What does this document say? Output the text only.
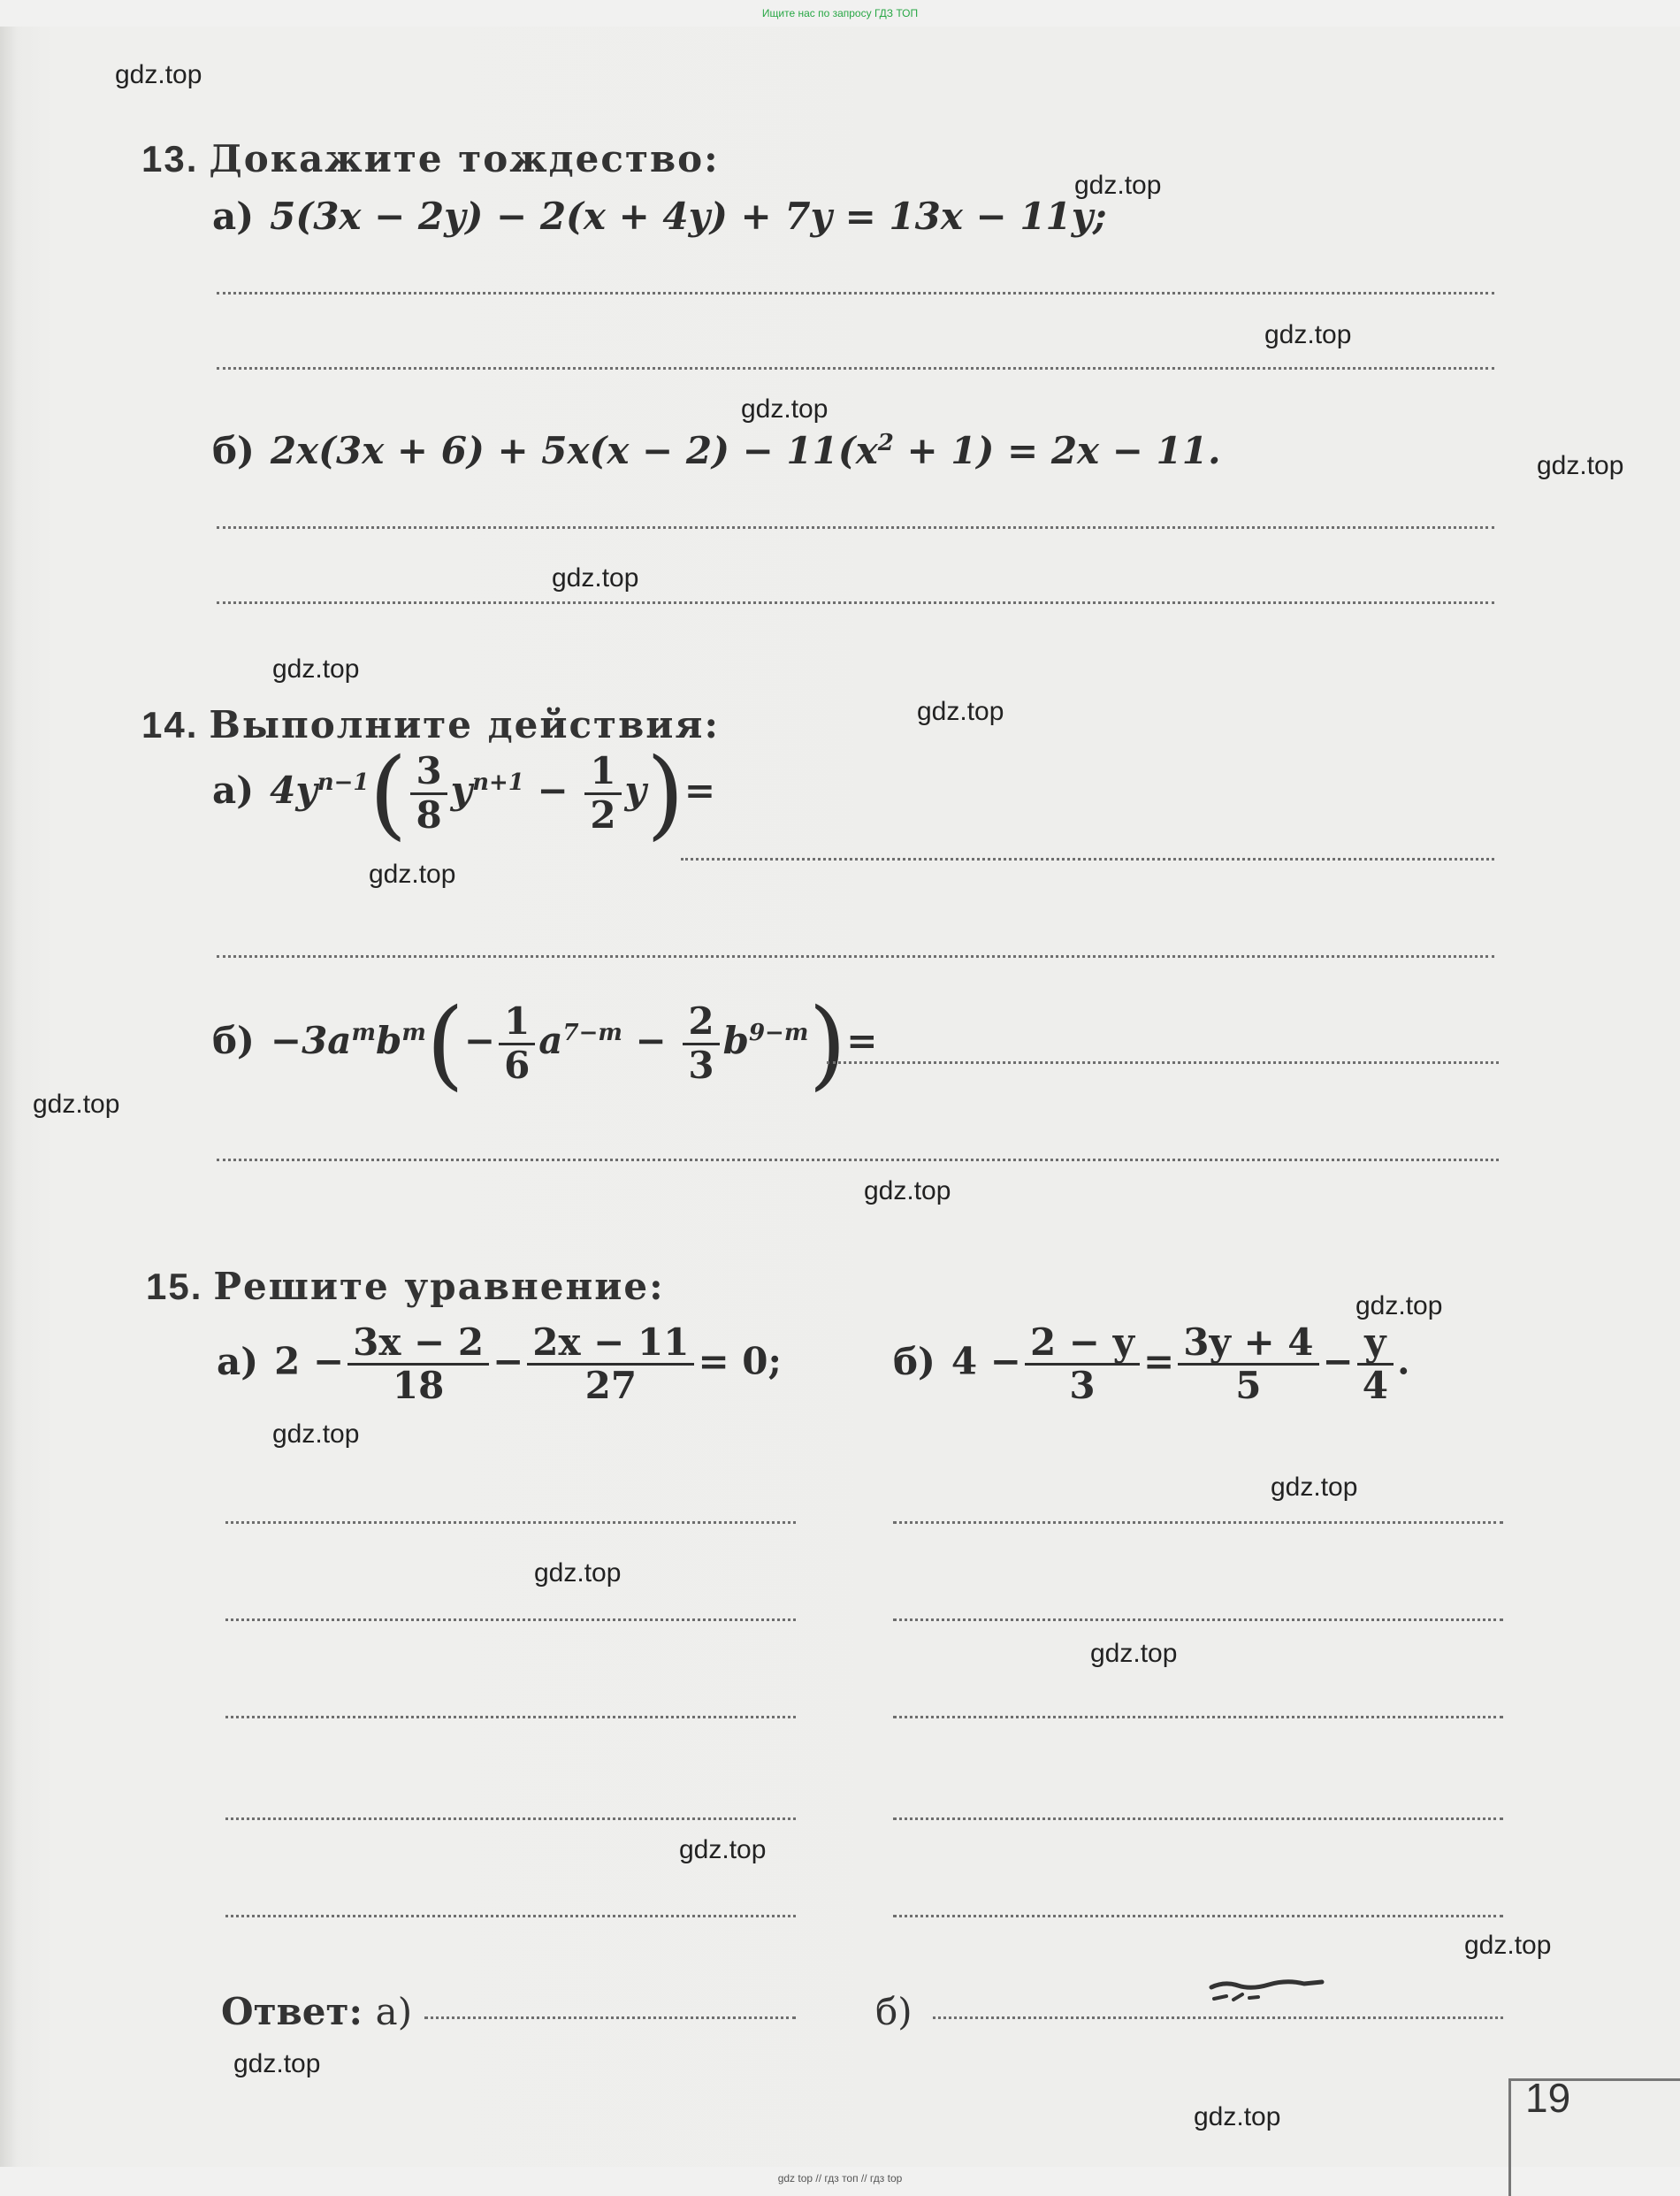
Ищите нас по запросу ГДЗ ТОП
13. Докажите тождество:
а) 5(3x − 2y) − 2(x + 4y) + 7y = 13x − 11y;
б) $2x(3x + 6) + 5x(x - 2) - 11(x^2 + 1) = 2x - 11$.
14. Выполните действия:
а) $4y^{n-1}( \frac{3}{8} y^{n+1} - \frac{1}{2} y)=$
$б) -3a^mb^m(- \frac{1}{6} a^{7-m} - \frac{2}{3} b^{9-m})=$
15. Решите уравнение:
а) $2 - \frac{3x - 2}{18} - \frac{2x - 11}{27} = 0$;	б) $4 - \frac{2 - y}{3} = \frac{3y + 4}{5} - \frac{y}{4}$ .
Ответ: а)	б)
19
gdz.top
gdz.top
gdz.top
gdz.top
gdz.top
gdz.top
gdz.top
gdz.top
gdz.top
gdz.top
gdz.top
gdz.top
gdz.top
gdz.top
gdz.top
gdz.top
gdz.top
gdz.top
gdz.top
gdz.top
gdz top // гдз топ // гдз top
